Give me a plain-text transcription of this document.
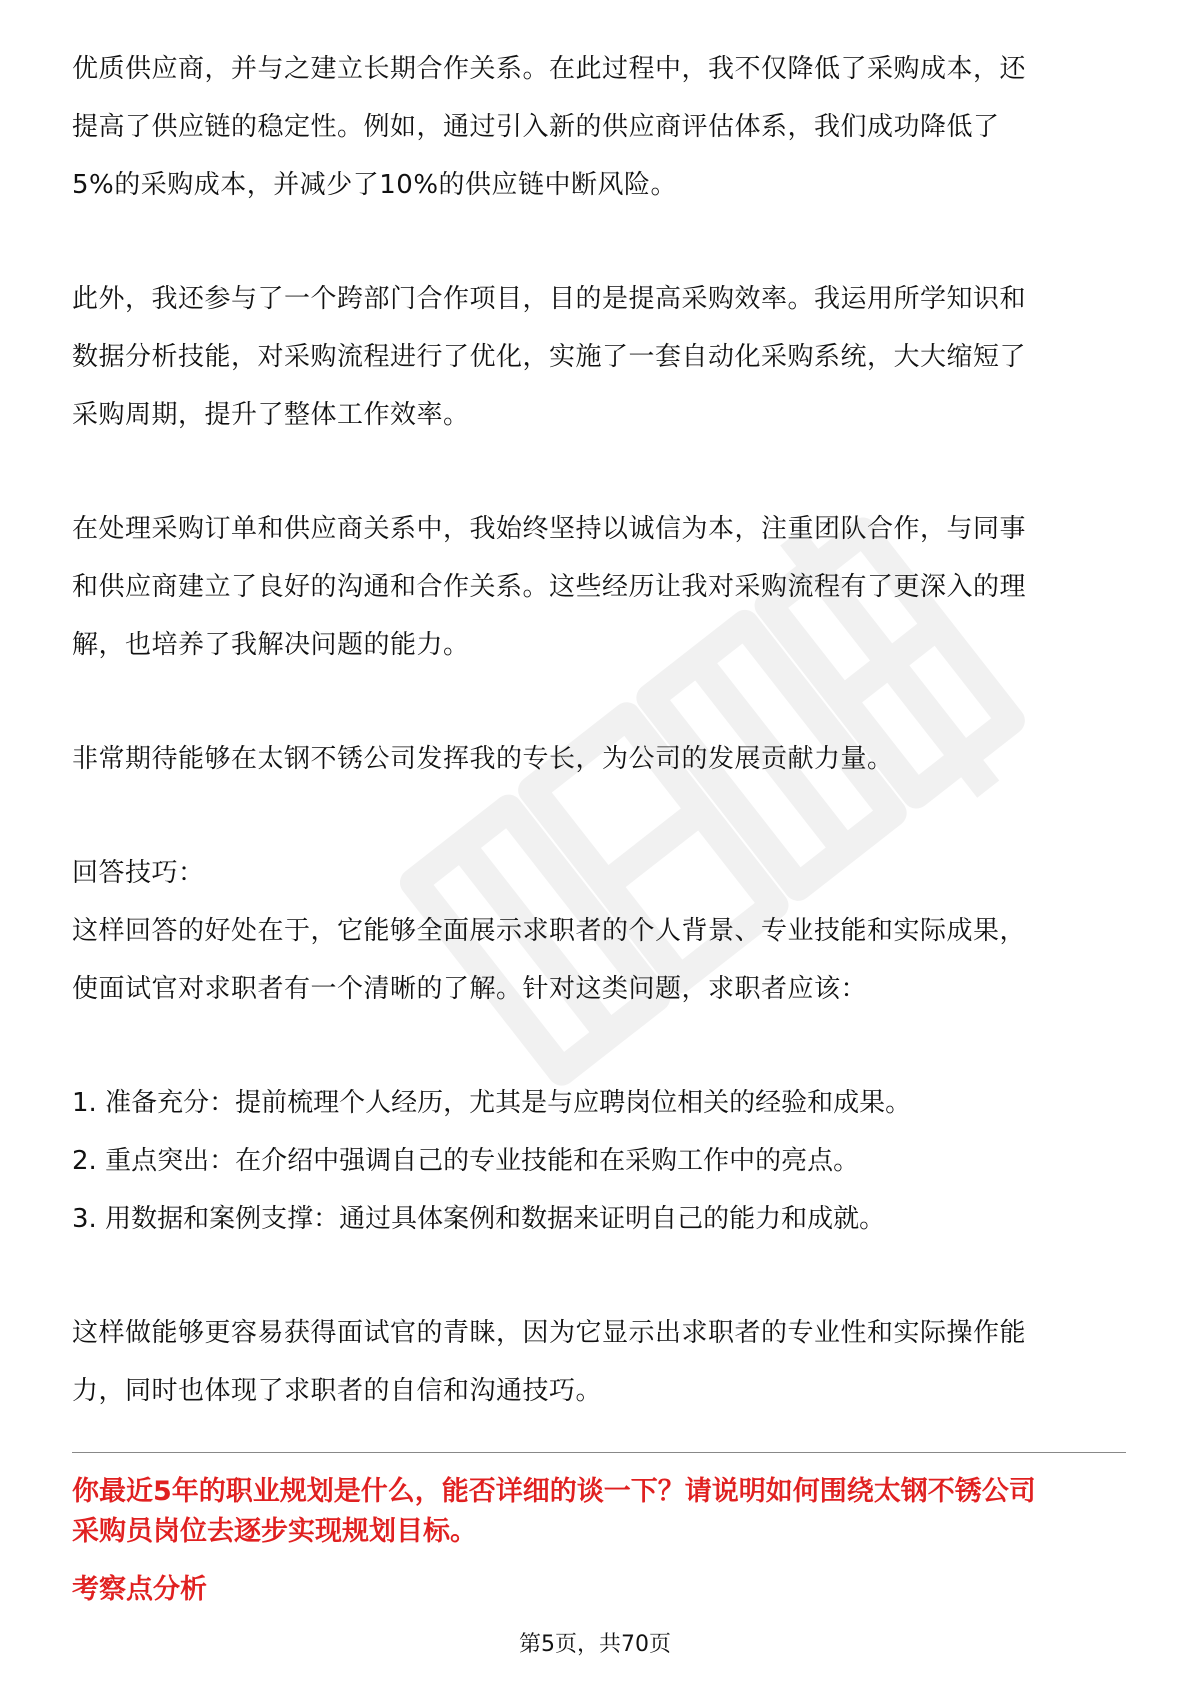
优质供应商，并与之建立长期合作关系。在此过程中，我不仅降低了采购成本，还

提高了供应链的稳定性。例如，通过引入新的供应商评估体系，我们成功降低了

5%的采购成本，并减少了10%的供应链中断风险。

此外，我还参与了一个跨部门合作项目，目的是提高采购效率。我运用所学知识和

数据分析技能，对采购流程进行了优化，实施了一套自动化采购系统，大大缩短了

采购周期，提升了整体工作效率。

在处理采购订单和供应商关系中，我始终坚持以诚信为本，注重团队合作，与同事

和供应商建立了良好的沟通和合作关系。这些经历让我对采购流程有了更深入的理

解，也培养了我解决问题的能力。

非常期待能够在太钢不锈公司发挥我的专长，为公司的发展贡献力量。

回答技巧：

这样回答的好处在于，它能够全面展示求职者的个人背景、专业技能和实际成果，

使面试官对求职者有一个清晰的了解。针对这类问题，求职者应该：

1. 准备充分：提前梳理个人经历，尤其是与应聘岗位相关的经验和成果。

2. 重点突出：在介绍中强调自己的专业技能和在采购工作中的亮点。

3. 用数据和案例支撑：通过具体案例和数据来证明自己的能力和成就。

这样做能够更容易获得面试官的青睐，因为它显示出求职者的专业性和实际操作能

力，同时也体现了求职者的自信和沟通技巧。

你最近5年的职业规划是什么，能否详细的谈一下？请说明如何围绕太钢不锈公司
采购员岗位去逐步实现规划目标。
考察点分析
第5页，共70页
